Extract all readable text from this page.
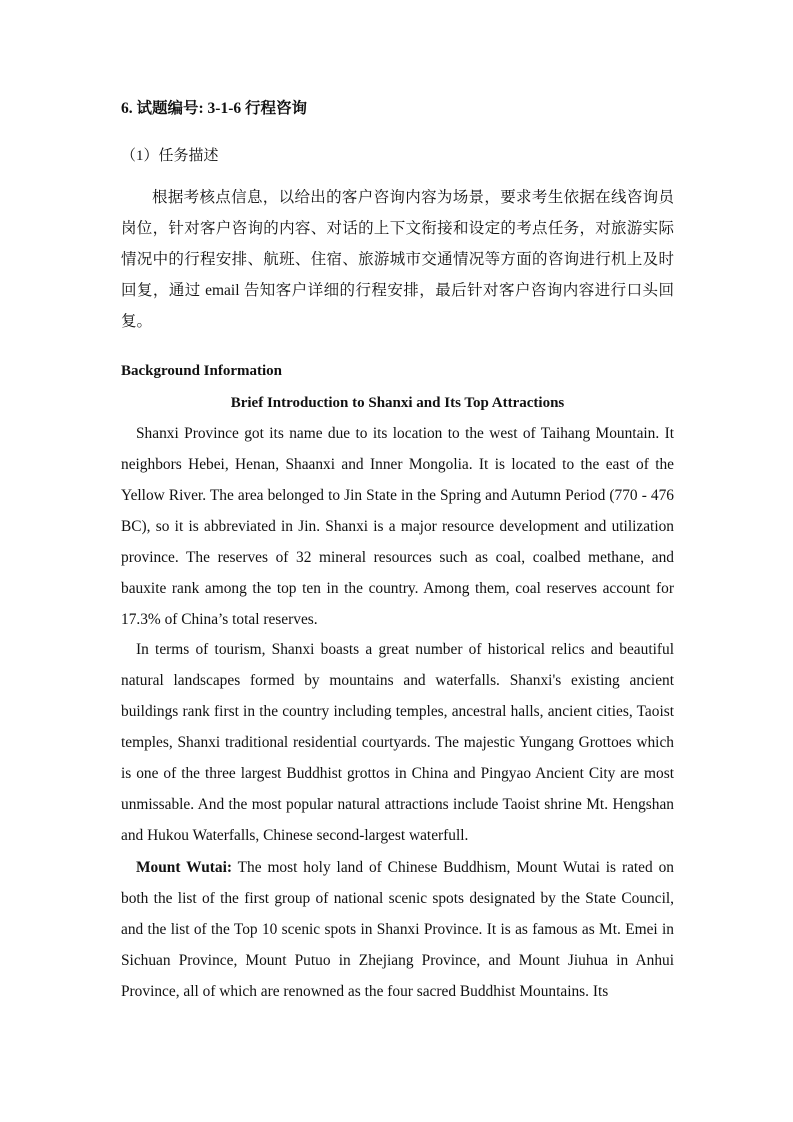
6. 试题编号: 3-1-6 行程咨询
（1）任务描述

根据考核点信息，以给出的客户咨询内容为场景，要求考生依据在线咨询员岗位，针对客户咨询的内容、对话的上下文衔接和设定的考点任务，对旅游实际情况中的行程安排、航班、住宿、旅游城市交通情况等方面的咨询进行机上及时回复，通过 email 告知客户详细的行程安排，最后针对客户咨询内容进行口头回复。

Background Information
Brief Introduction to Shanxi and Its Top Attractions

Shanxi Province got its name due to its location to the west of Taihang Mountain. It neighbors Hebei, Henan, Shaanxi and Inner Mongolia. It is located to the east of the Yellow River. The area belonged to Jin State in the Spring and Autumn Period (770 - 476 BC), so it is abbreviated in Jin. Shanxi is a major resource development and utilization province. The reserves of 32 mineral resources such as coal, coalbed methane, and bauxite rank among the top ten in the country. Among them, coal reserves account for 17.3% of China’s total reserves.

In terms of tourism, Shanxi boasts a great number of historical relics and beautiful natural landscapes formed by mountains and waterfalls. Shanxi's existing ancient buildings rank first in the country including temples, ancestral halls, ancient cities, Taoist temples, Shanxi traditional residential courtyards. The majestic Yungang Grottoes which is one of the three largest Buddhist grottos in China and Pingyao Ancient City are most unmissable. And the most popular natural attractions include Taoist shrine Mt. Hengshan and Hukou Waterfalls, Chinese second-largest waterfull.

Mount Wutai: The most holy land of Chinese Buddhism, Mount Wutai is rated on both the list of the first group of national scenic spots designated by the State Council, and the list of the Top 10 scenic spots in Shanxi Province. It is as famous as Mt. Emei in Sichuan Province, Mount Putuo in Zhejiang Province, and Mount Jiuhua in Anhui Province, all of which are renowned as the four sacred Buddhist Mountains. Its
